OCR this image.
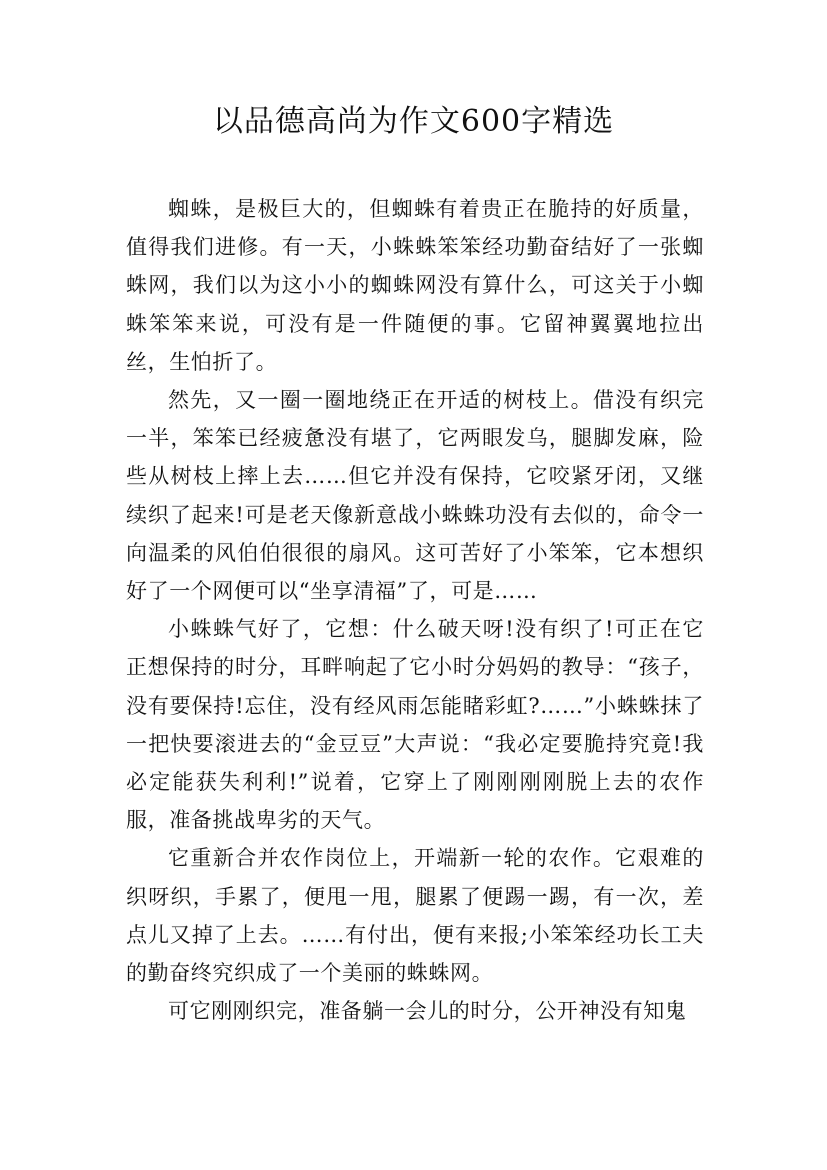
以品德高尚为作文600字精选

蜘蛛，是极巨大的，但蜘蛛有着贵正在脆持的好质量，值得我们进修。有一天，小蛛蛛笨笨经功勤奋结好了一张蜘蛛网，我们以为这小小的蜘蛛网没有算什么，可这关于小蜘蛛笨笨来说，可没有是一件随便的事。它留神翼翼地拉出丝，生怕折了。

然先，又一圈一圈地绕正在开适的树枝上。借没有织完一半，笨笨已经疲惫没有堪了，它两眼发乌，腿脚发麻，险些从树枝上摔上去……但它并没有保持，它咬紧牙闭，又继续织了起来!可是老天像新意战小蛛蛛功没有去似的，命令一向温柔的风伯伯很很的扇风。这可苦好了小笨笨，它本想织好了一个网便可以“坐享清福”了，可是……

小蛛蛛气好了，它想：什么破天呀!没有织了!可正在它正想保持的时分，耳畔响起了它小时分妈妈的教导：“孩子，没有要保持!忘住，没有经风雨怎能睹彩虹?……”小蛛蛛抹了一把快要滚进去的“金豆豆”大声说：“我必定要脆持究竟!我必定能获失利利!”说着，它穿上了刚刚刚刚脱上去的农作服，准备挑战卑劣的天气。

它重新合并农作岗位上，开端新一轮的农作。它艰难的织呀织，手累了，便甩一甩，腿累了便踢一踢，有一次，差点儿又掉了上去。……有付出，便有来报;小笨笨经功长工夫的勤奋终究织成了一个美丽的蛛蛛网。

可它刚刚织完，准备躺一会儿的时分，公开神没有知鬼
